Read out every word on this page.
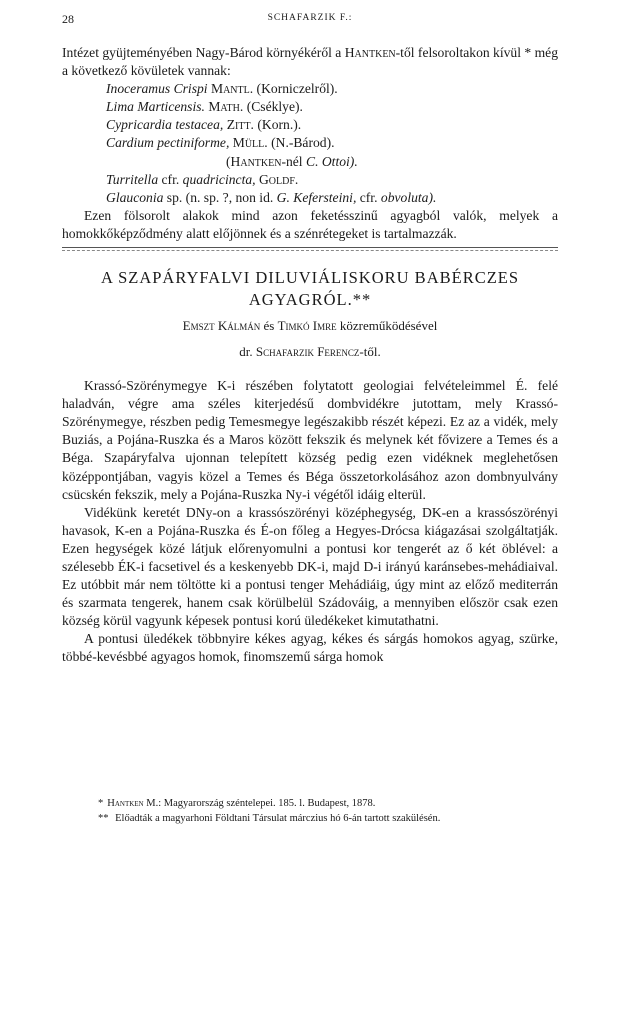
28	SCHAFARZIK F.:

Intézet gyüjteményében Nagy-Bárod környékéről a Hantken-től felsoroltakon kívül * még a következő kövületek vannak:

Inoceramus Crispi Mantl. (Korniczelről).
Lima Marticensis. Math. (Cséklye).
Cypricardia testacea, Zitt. (Korn.).
Cardium pectiniforme, Müll. (N.-Bárod).
(Hantken-nél C. Ottoi).
Turritella cfr. quadricincta, Goldf.
Glauconia sp. (n. sp. ?, non id. G. Kefersteini, cfr. obvoluta).

Ezen fölsorolt alakok mind azon feketésszinű agyagból valók, melyek a homokkőképződmény alatt előjönnek és a szénrétegeket is tartalmazzák.

A SZAPÁRYFALVI DILUVIÁLISKORU BABÉRCZES AGYAGRÓL.**
Emszt Kálmán és Timkó Imre közreműködésével
dr. Schafarzik Ferencz-től.

Krassó-Szörénymegye K-i részében folytatott geologiai felvételeimmel É. felé haladván, végre ama széles kiterjedésű dombvidékre jutottam, mely Krassó-Szörénymegye, részben pedig Temesmegye legészakibb részét képezi. Ez az a vidék, mely Buziás, a Pojána-Ruszka és a Maros között fekszik és melynek két fővizere a Temes és a Béga. Szapáryfalva ujonnan telepített község pedig ezen vidéknek meglehetősen középpontjában, vagyis közel a Temes és Béga összetorkolásához azon dombnyulvány csücskén fekszik, mely a Pojána-Ruszka Ny-i végétől idáig elterül.

Vidékünk keretét DNy-on a krassószörényi középhegység, DK-en a krassószörényi havasok, K-en a Pojána-Ruszka és É-on főleg a Hegyes-Drócsa kiágazásai szolgáltatják. Ezen hegységek közé látjuk előrenyomulni a pontusi kor tengerét az ő két öblével: a szélesebb ÉK-i facsetivel és a keskenyebb DK-i, majd D-i irányú karánsebes-mehádiaival. Ez utóbbit már nem töltötte ki a pontusi tenger Mehádiáig, úgy mint az előző mediterrán és szarmata tengerek, hanem csak körülbelül Szádováig, a mennyiben először csak ezen község körül vagyunk képesek pontusi korú üledékeket kimutathatni.

A pontusi üledékek többnyire kékes agyag, kékes és sárgás homokos agyag, szürke, többé-kevésbbé agyagos homok, finomszemű sárga homok

* Hantken M.: Magyarország széntelepei. 185. l. Budapest, 1878.

** Előadták a magyarhoni Földtani Társulat márczius hó 6-án tartott szakülésén.
